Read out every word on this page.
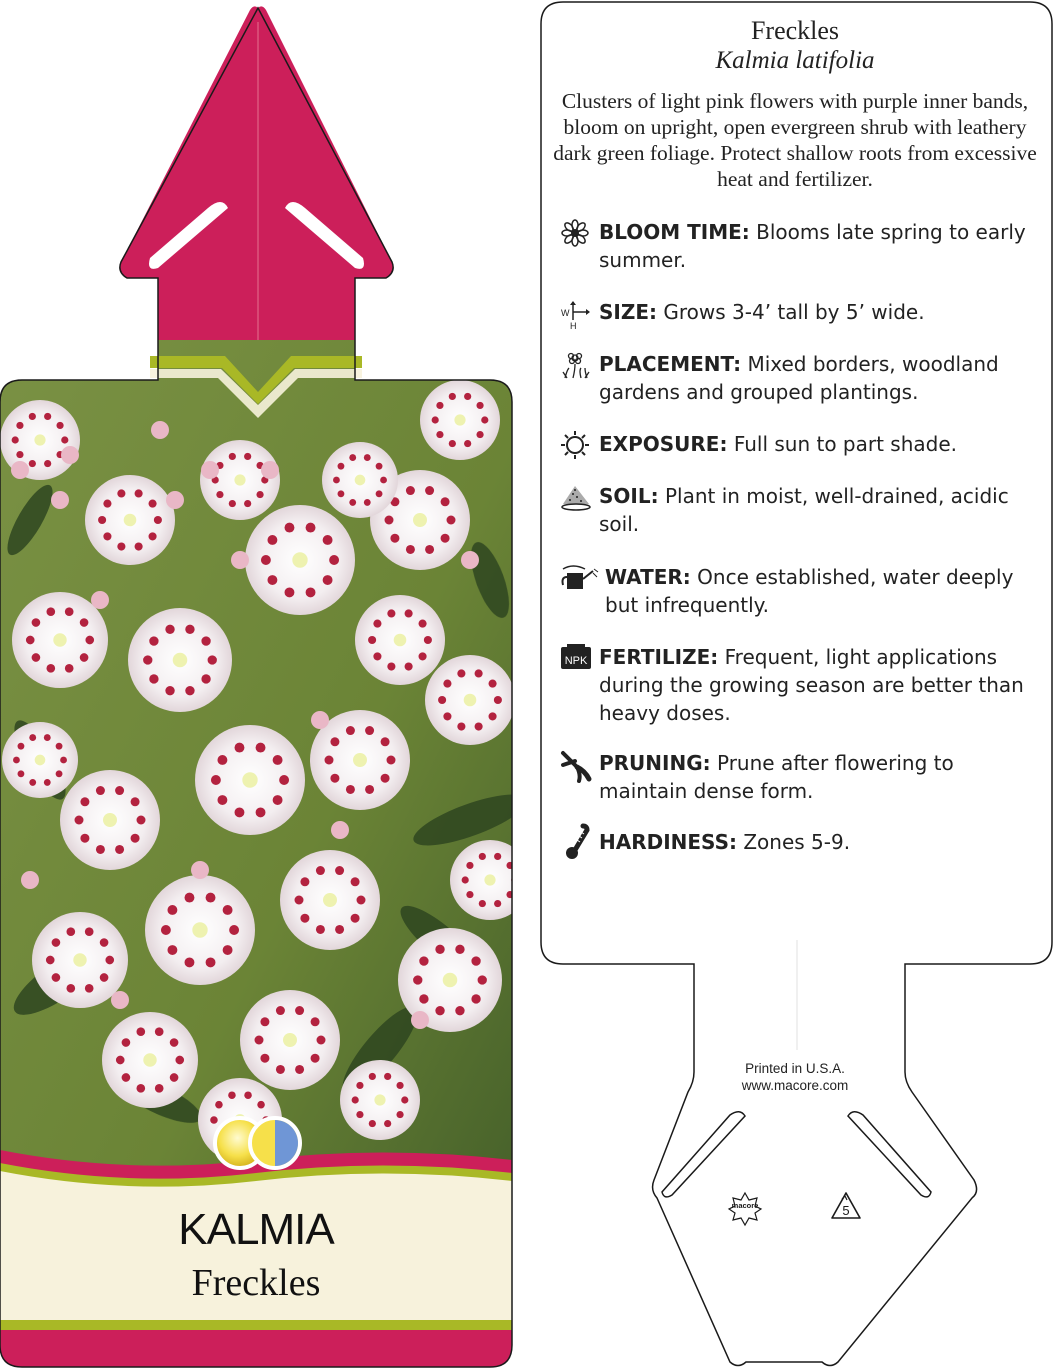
macore	5
Freckles
Kalmia latifolia
Clusters of light pink flowers with purple inner bands, bloom on upright, open evergreen shrub with leathery dark green foliage. Protect shallow roots from excessive heat and fertilizer.
BLOOM TIME: Blooms late spring to early summer.
W
H
SIZE: Grows 3-4’ tall by 5’ wide.
PLACEMENT: Mixed borders, woodland gardens and grouped plantings.
EXPOSURE: Full sun to part shade.
SOIL: Plant in moist, well-drained, acidic soil.
WATER: Once established, water deeply but infrequently.
NPK FERTILIZE: Frequent, light applications during the growing season are better than heavy doses.
PRUNING: Prune after flowering to maintain dense form.
HARDINESS: Zones 5-9.
Printed in U.S.A.
www.macore.com
KALMIA
Freckles
